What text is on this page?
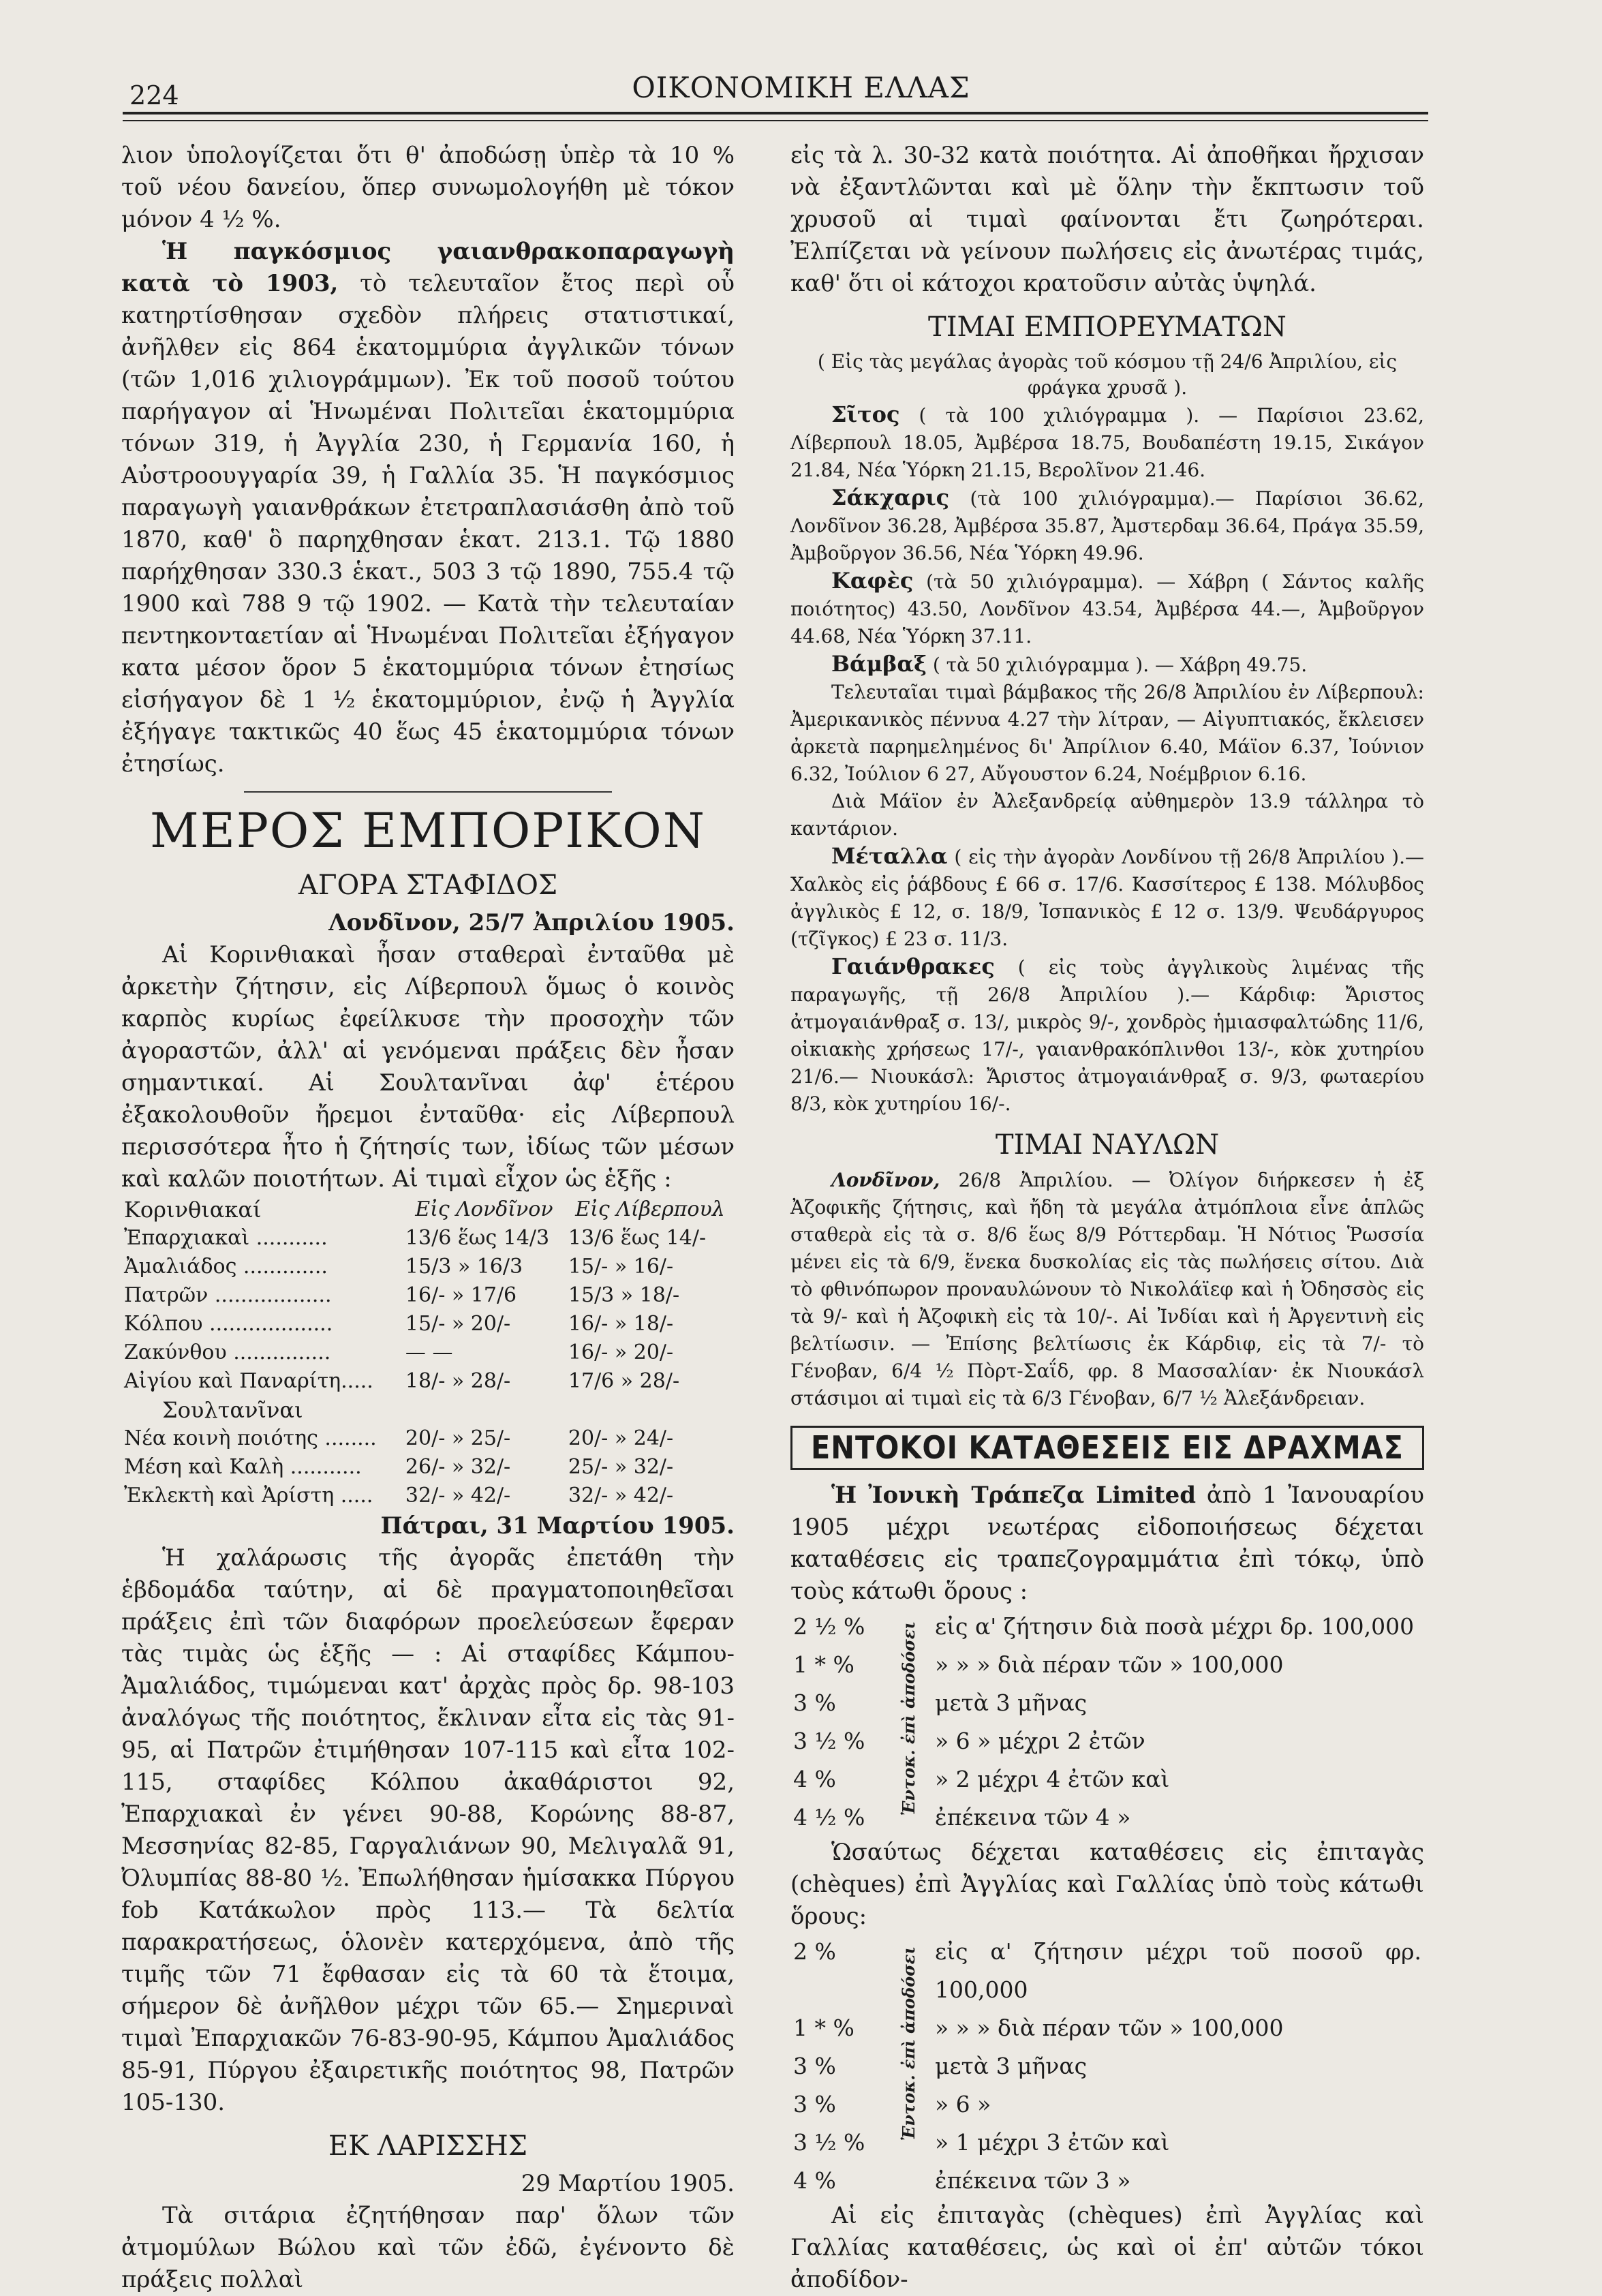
224	ΟΙΚΟΝΟΜΙΚΗ ΕΛΛΑΣ

λιον ὑπολογίζεται ὅτι θ' ἀποδώσῃ ὑπὲρ τὰ 10 % τοῦ νέου δανείου, ὅπερ συνωμολογήθη μὲ τόκον μόνον 4 ½ %.

Ἡ παγκόσμιος γαιανθρακοπαραγωγὴ κατὰ τὸ 1903, τὸ τελευταῖον ἔτος περὶ οὗ κατηρτίσθησαν σχεδὸν πλήρεις στατιστικαί, ἀνῆλθεν εἰς 864 ἑκατομμύρια ἀγγλικῶν τόνων (τῶν 1,016 χιλιογράμμων). Ἐκ τοῦ ποσοῦ τούτου παρήγαγον αἱ Ἡνωμέναι Πολιτεῖαι ἑκατομμύρια τόνων 319, ἡ Ἀγγλία 230, ἡ Γερμανία 160, ἡ Αὐστροουγγαρία 39, ἡ Γαλλία 35. Ἡ παγκόσμιος παραγωγὴ γαιανθράκων ἐτετραπλασιάσθη ἀπὸ τοῦ 1870, καθ' ὃ παρηχθησαν ἑκατ. 213.1. Τῷ 1880 παρήχθησαν 330.3 ἑκατ., 503 3 τῷ 1890, 755.4 τῷ 1900 καὶ 788 9 τῷ 1902. — Κατὰ τὴν τελευταίαν πεντηκονταετίαν αἱ Ἡνωμέναι Πολιτεῖαι ἐξήγαγον κατα μέσον ὅρον 5 ἑκατομμύρια τόνων ἐτησίως εἰσήγαγον δὲ 1 ½ ἑκατομμύριον, ἐνῷ ἡ Ἀγγλία ἐξήγαγε τακτικῶς 40 ἕως 45 ἑκατομμύρια τόνων ἐτησίως.

ΜΕΡΟΣ ΕΜΠΟΡΙΚΟΝ
ΑΓΟΡΑ ΣΤΑΦΙΔΟΣ

Λονδῖνον, 25/7 Ἀπριλίου 1905.

Αἱ Κορινθιακαὶ ἦσαν σταθεραὶ ἐνταῦθα μὲ ἀρκετὴν ζήτησιν, εἰς Λίβερπουλ ὅμως ὁ κοινὸς καρπὸς κυρίως ἐφείλκυσε τὴν προσοχὴν τῶν ἀγοραστῶν, ἀλλ' αἱ γενόμεναι πράξεις δὲν ἦσαν σημαντικαί. Αἱ Σουλτανῖναι ἀφ' ἑτέρου ἐξακολουθοῦν ἤρεμοι ἐνταῦθα· εἰς Λίβερπουλ περισσότερα ἦτο ἡ ζήτησίς των, ἰδίως τῶν μέσων καὶ καλῶν ποιοτήτων. Αἱ τιμαὶ εἶχον ὡς ἑξῆς :

Κορινθιακαί	Εἰς Λονδῖνον	Εἰς Λίβερπουλ
Ἐπαρχιακαὶ ...........	13/6 ἕως 14/3	13/6 ἕως 14/-
Ἀμαλιάδος .............	15/3 » 16/3	15/- » 16/-
Πατρῶν ..................	16/- » 17/6	15/3 » 18/-
Κόλπου ...................	15/- » 20/-	16/- » 18/-
Ζακύνθου ...............	— —	16/- » 20/-
Αἰγίου καὶ Παναρίτη.....	18/- » 28/-	17/6 » 28/-
Σουλτανῖναι		
Νέα κοινὴ ποιότης ........	20/- » 25/-	20/- » 24/-
Μέση καὶ Καλὴ ...........	26/- » 32/-	25/- » 32/-
Ἐκλεκτὴ καὶ Ἀρίστη .....	32/- » 42/-	32/- » 42/-

Πάτραι, 31 Μαρτίου 1905.

Ἡ χαλάρωσις τῆς ἀγορᾶς ἐπετάθη τὴν ἑβδομάδα ταύτην, αἱ δὲ πραγματοποιηθεῖσαι πράξεις ἐπὶ τῶν διαφόρων προελεύσεων ἔφεραν τὰς τιμὰς ὡς ἑξῆς — : Αἱ σταφίδες Κάμπου-Ἀμαλιάδος, τιμώμεναι κατ' ἀρχὰς πρὸς δρ. 98-103 ἀναλόγως τῆς ποιότητος, ἔκλιναν εἶτα εἰς τὰς 91-95, αἱ Πατρῶν ἐτιμήθησαν 107-115 καὶ εἶτα 102-115, σταφίδες Κόλπου ἀκαθάριστοι 92, Ἐπαρχιακαὶ ἐν γένει 90-88, Κορώνης 88-87, Μεσσηνίας 82-85, Γαργαλιάνων 90, Μελιγαλᾶ 91, Ὀλυμπίας 88-80 ½. Ἐπωλήθησαν ἡμίσακκα Πύργου fob Κατάκωλον πρὸς 113.— Τὰ δελτία παρακρατήσεως, ὁλονὲν κατερχόμενα, ἀπὸ τῆς τιμῆς τῶν 71 ἔφθασαν εἰς τὰ 60 τὰ ἕτοιμα, σήμερον δὲ ἀνῆλθον μέχρι τῶν 65.— Σημεριναὶ τιμαὶ Ἐπαρχιακῶν 76-83-90-95, Κάμπου Ἀμαλιάδος 85-91, Πύργου ἐξαιρετικῆς ποιότητος 98, Πατρῶν 105-130.

ΕΚ ΛΑΡΙΣΣΗΣ

29 Μαρτίου 1905.

Τὰ σιτάρια ἐζητήθησαν παρ' ὅλων τῶν ἀτμομύλων Βώλου καὶ τῶν ἐδῶ, ἐγένοντο δὲ πράξεις πολλαὶ

εἰς τὰ λ. 30-32 κατὰ ποιότητα. Αἱ ἀποθῆκαι ἤρχισαν νὰ ἐξαντλῶνται καὶ μὲ ὅλην τὴν ἔκπτωσιν τοῦ χρυσοῦ αἱ τιμαὶ φαίνονται ἔτι ζωηρότεραι. Ἐλπίζεται νὰ γείνουν πωλήσεις εἰς ἀνωτέρας τιμάς, καθ' ὅτι οἱ κάτοχοι κρατοῦσιν αὐτὰς ὑψηλά.

ΤΙΜΑΙ ΕΜΠΟΡΕΥΜΑΤΩΝ

( Εἰς τὰς μεγάλας ἀγορὰς τοῦ κόσμου τῇ 24/6 Ἀπριλίου, εἰς φράγκα χρυσᾶ ).

Σῖτος ( τὰ 100 χιλιόγραμμα ). — Παρίσιοι 23.62, Λίβερπουλ 18.05, Ἀμβέρσα 18.75, Βουδαπέστη 19.15, Σικάγον 21.84, Νέα Ὑόρκη 21.15, Βερολῖνον 21.46.

Σάκχαρις (τὰ 100 χιλιόγραμμα).— Παρίσιοι 36.62, Λονδῖνον 36.28, Ἀμβέρσα 35.87, Ἀμστερδαμ 36.64, Πράγα 35.59, Ἀμβοῦργον 36.56, Νέα Ὑόρκη 49.96.

Καφὲς (τὰ 50 χιλιόγραμμα). — Χάβρη ( Σάντος καλῆς ποιότητος) 43.50, Λονδῖνον 43.54, Ἀμβέρσα 44.—, Ἀμβοῦργον 44.68, Νέα Ὑόρκη 37.11.

Βάμβαξ ( τὰ 50 χιλιόγραμμα ). — Χάβρη 49.75.

Τελευταῖαι τιμαὶ βάμβακος τῆς 26/8 Ἀπριλίου ἐν Λίβερπουλ: Ἀμερικανικὸς πέννυα 4.27 τὴν λίτραν, — Αἰγυπτιακός, ἔκλεισεν ἀρκετὰ παρημελημένος δι' Ἀπρίλιον 6.40, Μάϊον 6.37, Ἰούνιον 6.32, Ἰούλιον 6 27, Αὔγουστον 6.24, Νοέμβριον 6.16.

Διὰ Μάϊον ἐν Ἀλεξανδρείᾳ αὐθημερὸν 13.9 τάλληρα τὸ καντάριον.

Μέταλλα ( εἰς τὴν ἀγορὰν Λονδίνου τῇ 26/8 Ἀπριλίου ).— Χαλκὸς εἰς ῥάβδους £ 66 σ. 17/6. Κασσίτερος £ 138. Μόλυβδος ἀγγλικὸς £ 12, σ. 18/9, Ἰσπανικὸς £ 12 σ. 13/9. Ψευδάργυρος (τζῖγκος) £ 23 σ. 11/3.

Γαιάνθρακες ( εἰς τοὺς ἀγγλικοὺς λιμένας τῆς παραγωγῆς, τῇ 26/8 Ἀπριλίου ).— Κάρδιφ: Ἄριστος ἀτμογαιάνθραξ σ. 13/, μικρὸς 9/-, χονδρὸς ἡμιασφαλτώδης 11/6, οἰκιακὴς χρήσεως 17/-, γαιανθρακόπλινθοι 13/-, κὸκ χυτηρίου 21/6.— Νιουκάσλ: Ἄριστος ἀτμογαιάνθραξ σ. 9/3, φωταερίου 8/3, κὸκ χυτηρίου 16/-.

ΤΙΜΑΙ ΝΑΥΛΩΝ

Λονδῖνον, 26/8 Ἀπριλίου. — Ὀλίγον διήρκεσεν ἡ ἐξ Ἀζοφικῆς ζήτησις, καὶ ἤδη τὰ μεγάλα ἀτμόπλοια εἶνε ἁπλῶς σταθερὰ εἰς τὰ σ. 8/6 ἕως 8/9 Ρόττερδαμ. Ἡ Νότιος Ῥωσσία μένει εἰς τὰ 6/9, ἕνεκα δυσκολίας εἰς τὰς πωλήσεις σίτου. Διὰ τὸ φθινόπωρον προναυλώνουν τὸ Νικολάϊεφ καὶ ἡ Ὀδησσὸς εἰς τὰ 9/- καὶ ἡ Ἀζοφικὴ εἰς τὰ 10/-. Αἱ Ἰνδίαι καὶ ἡ Ἀργεντινὴ εἰς βελτίωσιν. — Ἐπίσης βελτίωσις ἐκ Κάρδιφ, εἰς τὰ 7/- τὸ Γένοβαν, 6/4 ½ Πὸρτ-Σαΐδ, φρ. 8 Μασσαλίαν· ἐκ Νιουκάσλ στάσιμοι αἱ τιμαὶ εἰς τὰ 6/3 Γένοβαν, 6/7 ½ Ἀλεξάνδρειαν.

ΕΝΤΟΚΟΙ ΚΑΤΑΘΕΣΕΙΣ ΕΙΣ ΔΡΑΧΜΑΣ

Ἡ Ἰονικὴ Τράπεζα Limited ἀπὸ 1 Ἰανουαρίου 1905 μέχρι νεωτέρας εἰδοποιήσεως δέχεται καταθέσεις εἰς τραπεζογραμμάτια ἐπὶ τόκῳ, ὑπὸ τοὺς κάτωθι ὅρους :

Ἐντοκ. ἐπὶ ἀποδόσει
2 ½ %	εἰς α' ζήτησιν διὰ ποσὰ μέχρι δρ. 100,000
1 * %	» » » διὰ πέραν τῶν » 100,000
3 %	μετὰ 3 μῆνας
3 ½ %	» 6 » μέχρι 2 ἐτῶν
4 %	» 2 μέχρι 4 ἐτῶν καὶ
4 ½ %	ἐπέκεινα τῶν 4 »

Ὡσαύτως δέχεται καταθέσεις εἰς ἐπιταγὰς (chèques) ἐπὶ Ἀγγλίας καὶ Γαλλίας ὑπὸ τοὺς κάτωθι ὅρους:

Ἐντοκ. ἐπὶ ἀποδόσει
2 %	εἰς α' ζήτησιν μέχρι τοῦ ποσοῦ φρ. 100,000
1 * %	» » » διὰ πέραν τῶν » 100,000
3 %	μετὰ 3 μῆνας
3 %	» 6 »
3 ½ %	» 1 μέχρι 3 ἐτῶν καὶ
4 %	ἐπέκεινα τῶν 3 »

Αἱ εἰς ἐπιταγὰς (chèques) ἐπὶ Ἀγγλίας καὶ Γαλλίας καταθέσεις, ὡς καὶ οἱ ἐπ' αὐτῶν τόκοι ἀποδίδον-
